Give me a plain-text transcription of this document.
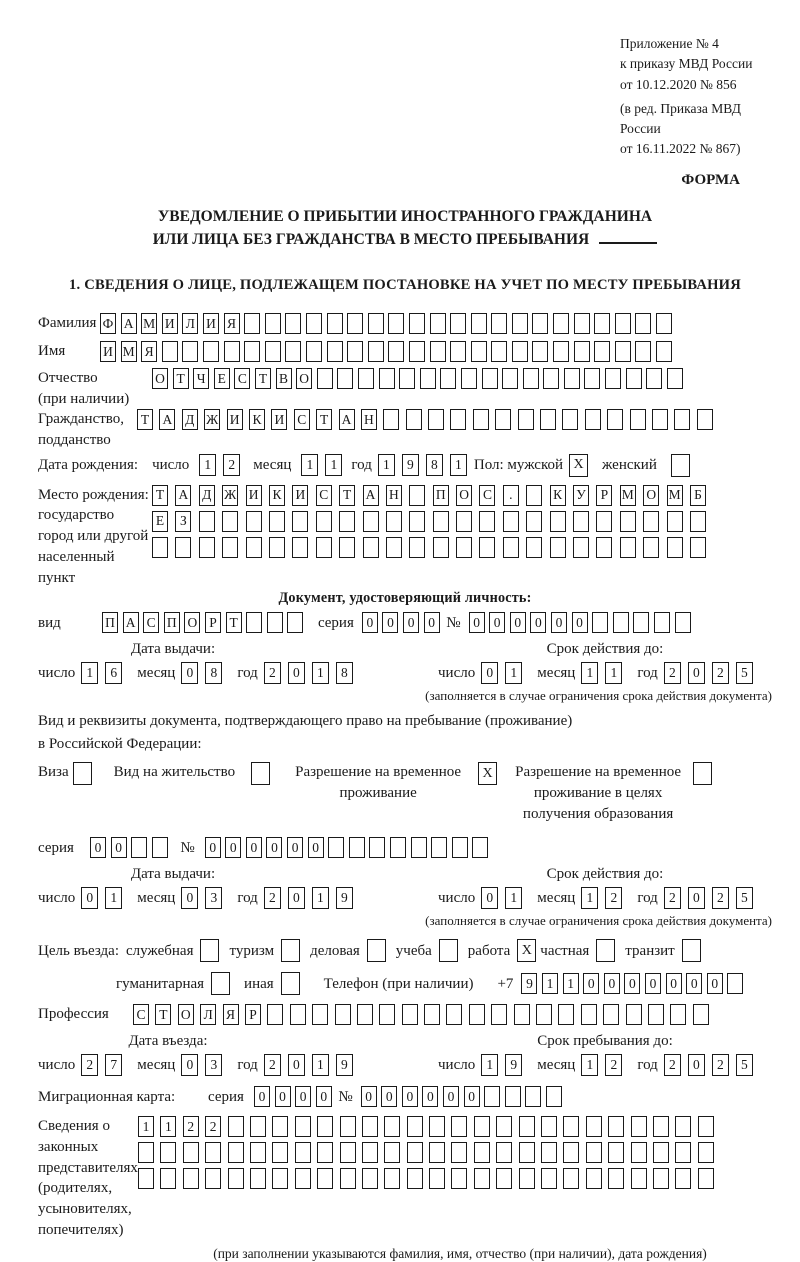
Приложение № 4
к приказу МВД России
от 10.12.2020 № 856
(в ред. Приказа МВД России
от 16.11.2022 № 867)
ФОРМА
УВЕДОМЛЕНИЕ О ПРИБЫТИИ ИНОСТРАННОГО ГРАЖДАНИНА
ИЛИ ЛИЦА БЕЗ ГРАЖДАНСТВА В МЕСТО ПРЕБЫВАНИЯ
1. СВЕДЕНИЯ О ЛИЦЕ, ПОДЛЕЖАЩЕМ ПОСТАНОВКЕ НА УЧЕТ ПО МЕСТУ ПРЕБЫВАНИЯ
Фамилия Ф А М И Л И Я
Имя	И М Я
Отчество
(при наличии)
О Т Ч Е С Т В О
Гражданство,
подданство
Т А Д Ж И К И С Т А Н
Дата рождения: число	1	2	месяц	1	1 год 1	9	8	1 Пол: мужской X женский
Место рождения:
государство
город или другой
населенный пункт
Т А Д Ж И К И С Т А Н	П О С	.	К У	Р	М О М	Б
Е	З
Документ, удостоверяющий личность:
вид	П А С П О Р Т	серия 0	0	0	0 № 0	0	0	0	0	0
Дата выдачи:
число 1	6	месяц 0	8	год 2	0	1	8
Срок действия до:
число 0	1	месяц 1	1	год 2	0	2	5
(заполняется в случае ограничения срока действия документа)
Вид и реквизиты документа, подтверждающего право на пребывание (проживание)
в Российской Федерации:
Виза	Вид на жительство	Разрешение на временное проживание
X Разрешение на временное проживание в целях получения образования
серия	0	0	№	0	0	0	0	0	0
Дата выдачи:
число 0	1	месяц 0	3	год 2	0	1	9
Срок действия до:
число 0	1	месяц 1	2	год 2	0	2	5
(заполняется в случае ограничения срока действия документа)
Цель въезда: служебная туризм деловая учеба работа X частная транзит
гуманитарная	иная	Телефон (при наличии) +7 9	1	1	0	0	0	0	0	0	0
Профессия	С Т О Л Я	Р
Дата въезда:
число 2	7	месяц 0	3	год 2	0	1	9
Срок пребывания до:
число 1	9	месяц 1	2	год 2	0	2	5
Миграционная карта:	серия	0	0	0	0 № 0	0	0	0	0	0
Сведения о
законных
представителях
(родителях,
усыновителях,
попечителях)
1	1	2	2
(при заполнении указываются фамилия, имя, отчество (при наличии), дата рождения)
